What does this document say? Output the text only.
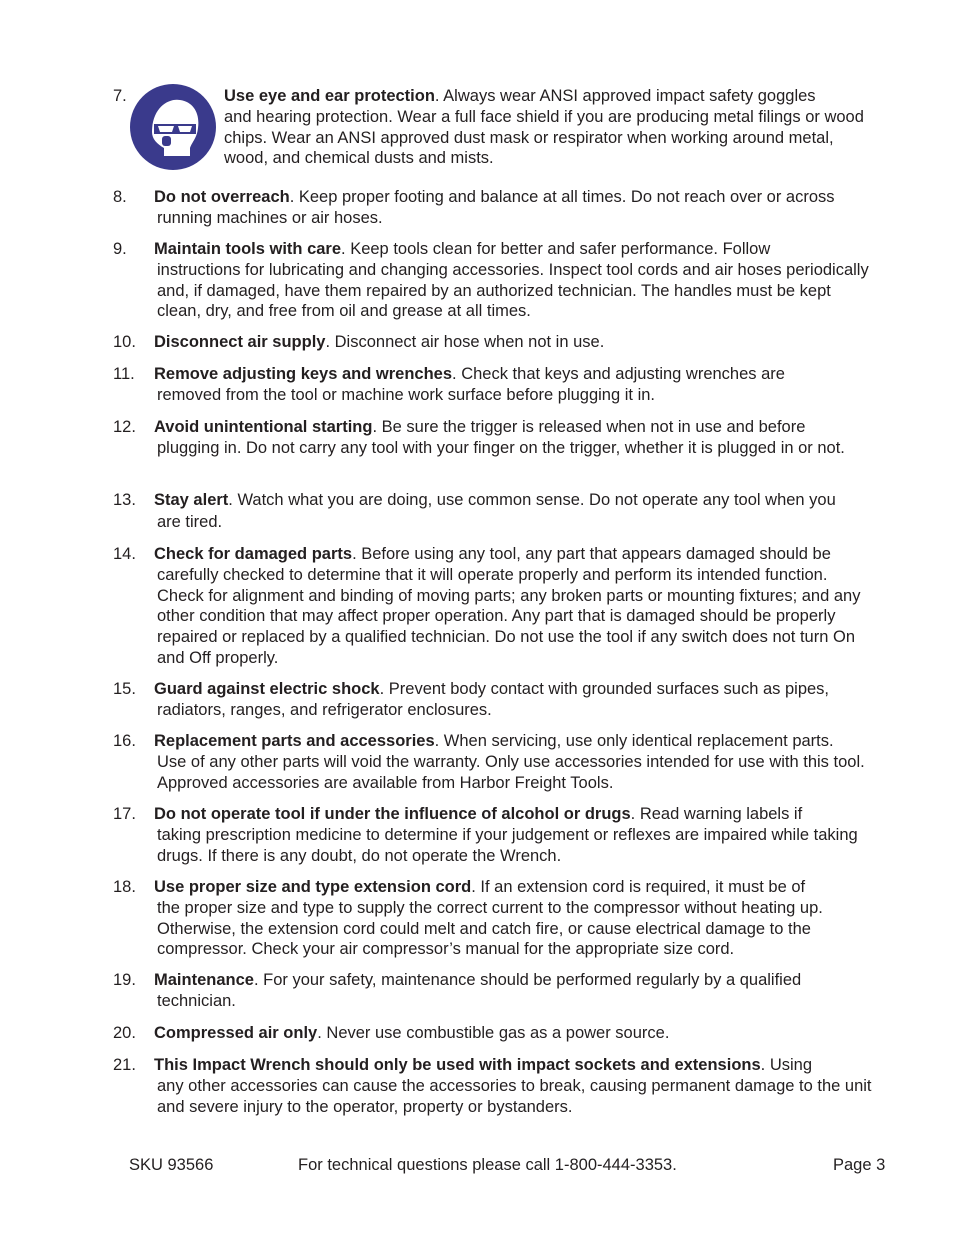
7.	Use eye and ear protection. Always wear ANSI approved impact safety goggles
and hearing protection. Wear a full face shield if you are producing metal filings or wood chips. Wear an ANSI approved dust mask or respirator when working around metal, wood, and chemical dusts and mists.
8. Do not overreach. Keep proper footing and balance at all times. Do not reach over or across
running machines or air hoses.
9. Maintain tools with care. Keep tools clean for better and safer performance. Follow
instructions for lubricating and changing accessories. Inspect tool cords and air hoses periodically and, if damaged, have them repaired by an authorized technician. The handles must be kept clean, dry, and free from oil and grease at all times.
10. Disconnect air supply. Disconnect air hose when not in use.
11. Remove adjusting keys and wrenches. Check that keys and adjusting wrenches are
removed from the tool or machine work surface before plugging it in.
12. Avoid unintentional starting. Be sure the trigger is released when not in use and before
plugging in. Do not carry any tool with your finger on the trigger, whether it is plugged in or not.
13. Stay alert. Watch what you are doing, use common sense. Do not operate any tool when you
are tired.
14. Check for damaged parts. Before using any tool, any part that appears damaged should be
carefully checked to determine that it will operate properly and perform its intended function. Check for alignment and binding of moving parts; any broken parts or mounting fixtures; and any other condition that may affect proper operation. Any part that is damaged should be properly repaired or replaced by a qualified technician. Do not use the tool if any switch does not turn On and Off properly.
15. Guard against electric shock. Prevent body contact with grounded surfaces such as pipes,
radiators, ranges, and refrigerator enclosures.
16. Replacement parts and accessories. When servicing, use only identical replacement parts.
Use of any other parts will void the warranty. Only use accessories intended for use with this tool. Approved accessories are available from Harbor Freight Tools.
17. Do not operate tool if under the influence of alcohol or drugs. Read warning labels if
taking prescription medicine to determine if your judgement or reflexes are impaired while taking drugs. If there is any doubt, do not operate the Wrench.
18. Use proper size and type extension cord. If an extension cord is required, it must be of
the proper size and type to supply the correct current to the compressor without heating up. Otherwise, the extension cord could melt and catch fire, or cause electrical damage to the compressor. Check your air compressor’s manual for the appropriate size cord.
19. Maintenance. For your safety, maintenance should be performed regularly by a qualified
technician.
20. Compressed air only. Never use combustible gas as a power source.
21. This Impact Wrench should only be used with impact sockets and extensions. Using
any other accessories can cause the accessories to break, causing permanent damage to the unit and severe injury to the operator, property or bystanders.
SKU 93566	For technical questions please call 1-800-444-3353.	Page 3
